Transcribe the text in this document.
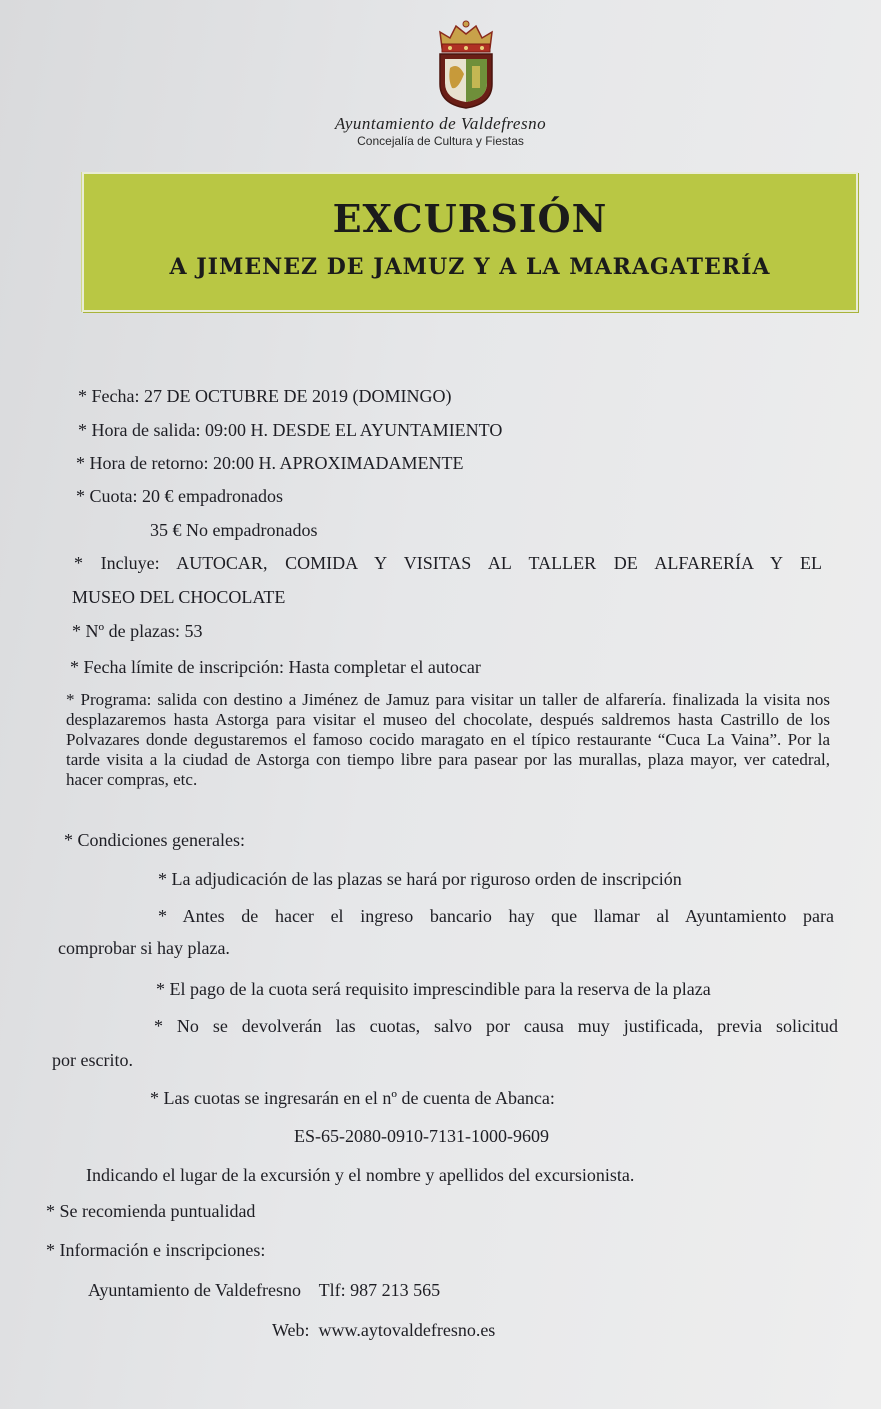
Ayuntamiento de Valdefresno
Concejalía de Cultura y Fiestas
EXCURSIÓN
A JIMENEZ DE JAMUZ Y A LA MARAGATERÍA
* Fecha: 27 DE OCTUBRE DE 2019 (DOMINGO)
* Hora de salida: 09:00 H. DESDE EL AYUNTAMIENTO
* Hora de retorno: 20:00 H. APROXIMADAMENTE
* Cuota: 20 € empadronados
35 € No empadronados
* Incluye: AUTOCAR, COMIDA Y VISITAS AL TALLER DE ALFARERÍA Y EL
MUSEO DEL CHOCOLATE
* Nº de plazas: 53
* Fecha límite de inscripción: Hasta completar el autocar
* Programa: salida con destino a Jiménez de Jamuz para visitar un taller de alfarería. finalizada la visita nos desplazaremos hasta Astorga para visitar el museo del chocolate, después saldremos hasta Castrillo de los Polvazares donde degustaremos el famoso cocido maragato en el típico restaurante “Cuca La Vaina”. Por la tarde visita a la ciudad de Astorga con tiempo libre para pasear por las murallas, plaza mayor, ver catedral, hacer compras, etc.
* Condiciones generales:
* La adjudicación de las plazas se hará por riguroso orden de inscripción
* Antes de hacer el ingreso bancario hay que llamar al Ayuntamiento para
comprobar si hay plaza.
* El pago de la cuota será requisito imprescindible para la reserva de la plaza
* No se devolverán las cuotas, salvo por causa muy justificada, previa solicitud
por escrito.
* Las cuotas se ingresarán en el nº de cuenta de Abanca:
ES-65-2080-0910-7131-1000-9609
Indicando el lugar de la excursión y el nombre y apellidos del excursionista.
* Se recomienda puntualidad
* Información e inscripciones:
Ayuntamiento de Valdefresno    Tlf: 987 213 565
Web:  www.aytovaldefresno.es
